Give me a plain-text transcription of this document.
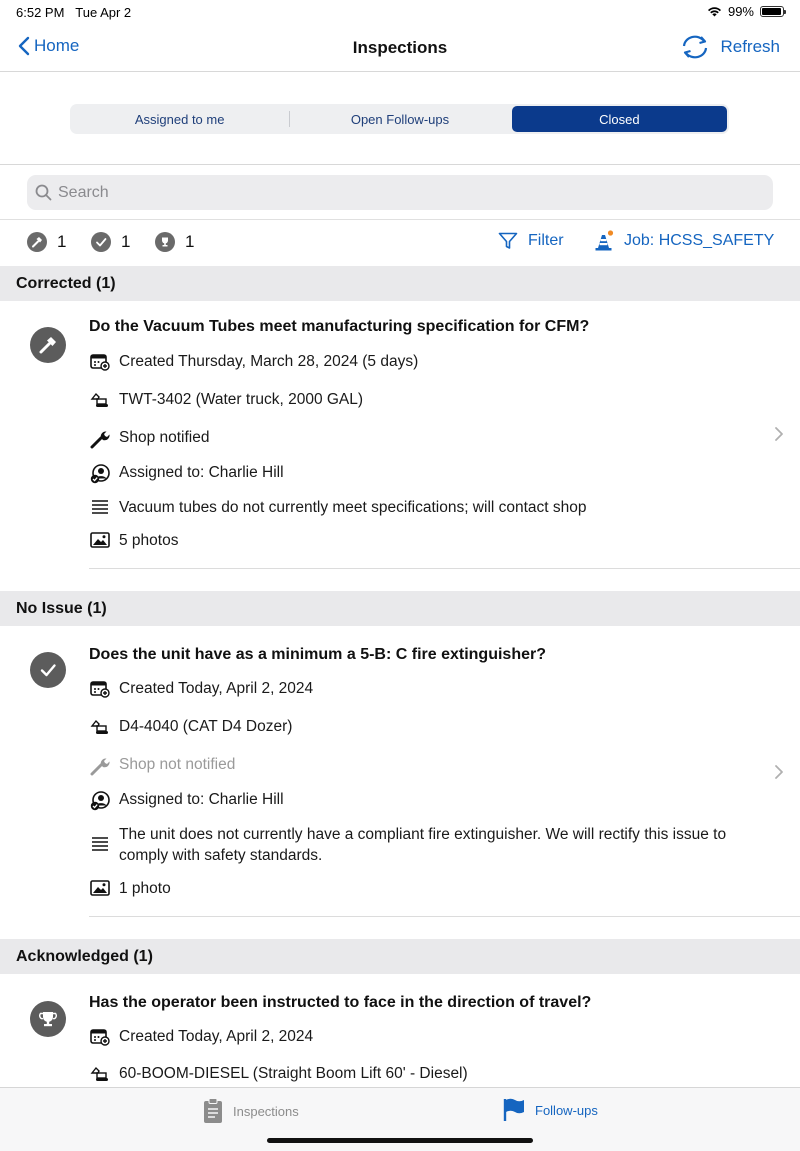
6:52 PM Tue Apr 2	99%
Home	Inspections	Refresh
Assigned to me	Open Follow-ups	Closed
Search
1	1	1	Filter	Job: HCSS_SAFETY
Corrected (1)
Do the Vacuum Tubes meet manufacturing specification for CFM?
Created Thursday, March 28, 2024 (5 days)
TWT-3402 (Water truck, 2000 GAL)
Shop notified
Assigned to: Charlie Hill
Vacuum tubes do not currently meet specifications; will contact shop
5 photos
No Issue (1)
Does the unit have as a minimum a 5-B: C fire extinguisher?
Created Today, April 2, 2024
D4-4040 (CAT D4 Dozer)
Shop not notified
Assigned to: Charlie Hill
The unit does not currently have a compliant fire extinguisher. We will rectify this issue to comply with safety standards.
1 photo
Acknowledged (1)
Has the operator been instructed to face in the direction of travel?
Created Today, April 2, 2024
60-BOOM-DIESEL (Straight Boom Lift 60' - Diesel)
Inspections	Follow-ups
